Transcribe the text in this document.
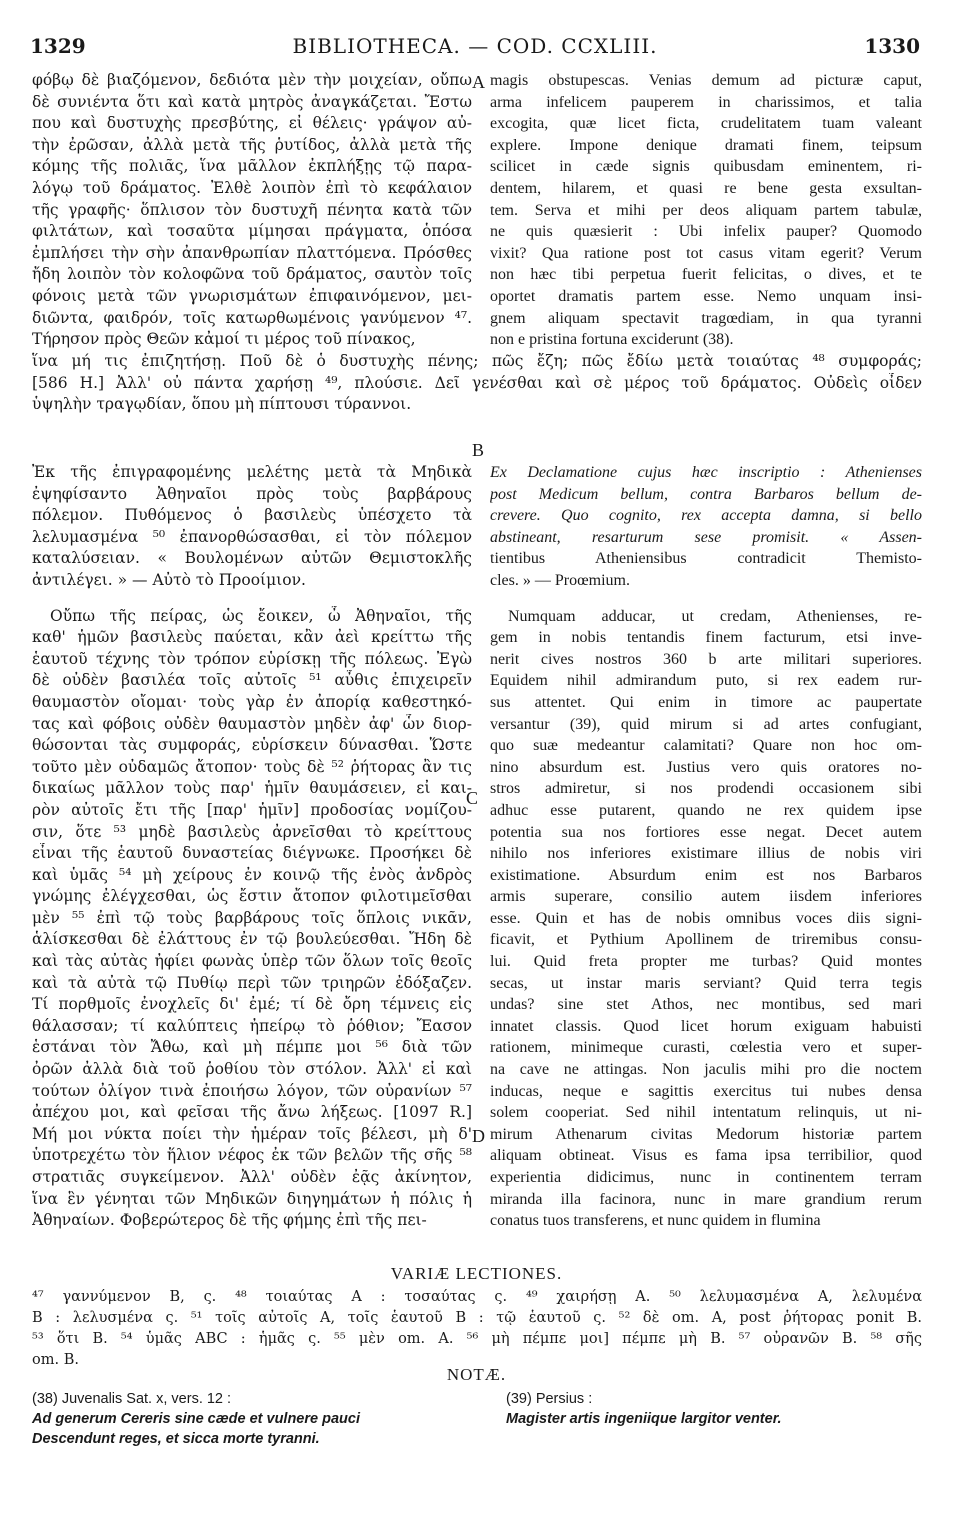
1329	BIBLIOTHECA. — COD. CCXLIII.	1330
φόβῳ δὲ βιαζόμενον, δεδιότα μὲν τὴν μοιχείαν, οὔπω
δὲ συνιέντα ὅτι καὶ κατὰ μητρὸς ἀναγκάζεται. Ἔστω
που καὶ δυστυχὴς πρεσβύτης, εἰ θέλεις· γράψον αὐ-
τὴν ἐρῶσαν, ἀλλὰ μετὰ τῆς ῥυτίδος, ἀλλὰ μετὰ τῆς
κόμης τῆς πολιᾶς, ἵνα μᾶλλον ἐκπλήξῃς τῷ παρα-
λόγῳ τοῦ δράματος. Ἐλθὲ λοιπὸν ἐπὶ τὸ κεφάλαιον
τῆς γραφῆς· ὅπλισον τὸν δυστυχῆ πένητα κατὰ τῶν
φιλτάτων, καὶ τοσαῦτα μίμησαι πράγματα, ὁπόσα
ἐμπλήσει τὴν σὴν ἀπανθρωπίαν πλαττόμενα. Πρόσθες
ἤδη λοιπὸν τὸν κολοφῶνα τοῦ δράματος, σαυτὸν τοῖς
φόνοις μετὰ τῶν γνωρισμάτων ἐπιφαινόμενον, μει-
διῶντα, φαιδρόν, τοῖς κατωρθωμένοις γανύμενον ⁴⁷.
Τήρησον πρὸς Θεῶν κἀμοί τι μέρος τοῦ πίνακος,
magis obstupescas. Venias demum ad picturæ caput,
arma infelicem pauperem in charissimos, et talia
excogita, quæ licet ficta, crudelitatem tuam valeant
explere. Impone denique dramati finem, teipsum
scilicet in cæde signis quibusdam eminentem, ri-
dentem, hilarem, et quasi re bene gesta exsultan-
tem. Serva et mihi per deos aliquam partem tabulæ,
ne quis quæsierit : Ubi infelix pauper? Quomodo
vixit? Qua ratione post tot casus vitam egerit? Verum
non hæc tibi perpetua fuerit felicitas, o dives, et te
oportet dramatis partem esse. Nemo unquam insi-
gnem aliquam spectavit tragœdiam, in qua tyranni
non e pristina fortuna exciderunt (38).
A
ἵνα μή τις ἐπιζητήσῃ. Ποῦ δὲ ὁ δυστυχὴς πένης; πῶς ἔζη; πῶς ἔδίω μετὰ τοιαύτας ⁴⁸ συμφοράς;
[586 H.] Ἀλλ' οὐ πάντα χαρήσῃ ⁴⁹, πλούσιε. Δεῖ γενέσθαι καὶ σὲ μέρος τοῦ δράματος. Οὐδεὶς οἶδεν
ὑψηλὴν τραγῳδίαν, ὅπου μὴ πίπτουσι τύραννοι.
B
Ἐκ τῆς ἐπιγραφομένης μελέτης μετὰ τὰ Μηδικὰ
ἐψηφίσαντο Ἀθηναῖοι πρὸς τοὺς βαρβάρους
πόλεμον. Πυθόμενος ὁ βασιλεὺς ὑπέσχετο τὰ
λελυμασμένα ⁵⁰ ἐπανορθώσασθαι, εἰ τὸν πόλεμον
καταλύσειαν. « Βουλομένων αὐτῶν Θεμιστοκλῆς
ἀντιλέγει. » — Αὐτὸ τὸ Προοίμιον.
Οὔπω τῆς πείρας, ὡς ἔοικεν, ὦ Ἀθηναῖοι, τῆς
καθ' ἡμῶν βασιλεὺς παύεται, κἂν ἀεὶ κρείττω τῆς
ἑαυτοῦ τέχνης τὸν τρόπον εὑρίσκῃ τῆς πόλεως. Ἐγὼ
δὲ οὐδὲν βασιλέα τοῖς αὐτοῖς ⁵¹ αὖθις ἐπιχειρεῖν
θαυμαστὸν οἴομαι· τοὺς γὰρ ἐν ἀπορίᾳ καθεστηκό-
τας καὶ φόβοις οὐδὲν θαυμαστὸν μηδὲν ἀφ' ὧν διορ-
θώσονται τὰς συμφοράς, εὑρίσκειν δύνασθαι. Ὥστε
τοῦτο μὲν οὐδαμῶς ἄτοπον· τοὺς δὲ ⁵² ῥήτορας ἂν τις
δικαίως μᾶλλον τοὺς παρ' ἡμῖν θαυμάσειεν, εἰ και-
ρὸν αὐτοῖς ἔτι τῆς [παρ' ἡμῖν] προδοσίας νομίζου-
σιν, ὅτε ⁵³ μηδὲ βασιλεὺς ἀρνεῖσθαι τὸ κρείττους
εἶναι τῆς ἑαυτοῦ δυναστείας διέγνωκε. Προσήκει δὲ
καὶ ὑμᾶς ⁵⁴ μὴ χείρους ἐν κοινῷ τῆς ἐνὸς ἀνδρὸς
γνώμης ἐλέγχεσθαι, ὡς ἔστιν ἄτοπον φιλοτιμεῖσθαι
μὲν ⁵⁵ ἐπὶ τῷ τοὺς βαρβάρους τοῖς ὅπλοις νικᾶν,
ἁλίσκεσθαι δὲ ἐλάττους ἐν τῷ βουλεύεσθαι. Ἤδη δὲ
καὶ τὰς αὐτὰς ἠφίει φωνὰς ὑπὲρ τῶν ὅλων τοῖς θεοῖς
καὶ τὰ αὐτὰ τῷ Πυθίῳ περὶ τῶν τριηρῶν ἐδόξαζεν.
Τί πορθμοῖς ἐνοχλεῖς δι' ἐμέ; τί δὲ ὄρη τέμνεις εἰς
θάλασσαν; τί καλύπτεις ἠπείρῳ τὸ ῥόθιον; Ἔασον
ἑστάναι τὸν Ἄθω, καὶ μὴ πέμπε μοι ⁵⁶ διὰ τῶν
ὀρῶν ἀλλὰ διὰ τοῦ ῥοθίου τὸν στόλον. Ἀλλ' εἰ καὶ
τούτων ὀλίγον τινὰ ἐποιήσω λόγον, τῶν οὐρανίων ⁵⁷
ἀπέχου μοι, καὶ φεῖσαι τῆς ἄνω λήξεως. [1097 R.]
Μή μοι νύκτα ποίει τὴν ἡμέραν τοῖς βέλεσι, μὴ δ'
ὑποτρεχέτω τὸν ἥλιον νέφος ἐκ τῶν βελῶν τῆς σῆς ⁵⁸
στρατιᾶς συγκείμενον. Ἀλλ' οὐδὲν ἐᾷς ἀκίνητον,
ἵνα ἓν γένηται τῶν Μηδικῶν διηγημάτων ἡ πόλις ἡ
Ἀθηναίων. Φοβερώτερος δὲ τῆς φήμης ἐπὶ τῆς πει-
Ex Declamatione cujus hæc inscriptio : Athenienses
post Medicum bellum, contra Barbaros bellum de-
crevere. Quo cognito, rex accepta damna, si bello
abstineant, resarturum sese promisit. « Assen-
tientibus Atheniensibus contradicit Themisto-
cles. » — Proœmium.
Numquam adducar, ut credam, Athenienses, re-
gem in nobis tentandis finem facturum, etsi inve-
nerit cives nostros 360 b arte militari superiores.
Equidem nihil admirandum puto, si rex eadem rur-
sus attentet. Qui enim in timore ac paupertate
versantur (39), quid mirum si ad artes confugiant,
quo suæ medeantur calamitati? Quare non hoc om-
nino absurdum est. Justius vero quis oratores no-
stros admiretur, si nos prodendi occasionem sibi
adhuc esse putarent, quando ne rex quidem ipse
potentia sua nos fortiores esse negat. Decet autem
nihilo nos inferiores existimare illius de nobis viri
existimatione. Absurdum enim est nos Barbaros
armis superare, consilio autem iisdem inferiores
esse. Quin et has de nobis omnibus voces diis signi-
ficavit, et Pythium Apollinem de triremibus consu-
lui. Quid freta propter me turbas? Quid montes
secas, ut instar maris serviant? Quid terra tegis
undas? sine stet Athos, nec montibus, sed mari
innatet classis. Quod licet horum exiguam habuisti
rationem, minimeque curasti, cœlestia vero et super-
na cave ne attingas. Non jaculis mihi pro die noctem
inducas, neque e sagittis exercitus tui nubes densa
solem cooperiat. Sed nihil intentatum relinquis, ut ni-
mirum Athenarum civitas Medorum historiæ partem
aliquam obtineat. Visus es fama ipsa terribilior, quod
experientia didicimus, nunc in continentem terram
miranda illa facinora, nunc in mare grandium rerum
conatus tuos transferens, et nunc quidem in flumina
C
D
VARIÆ LECTIONES.
⁴⁷ γαννύμενον B, ς. ⁴⁸ τοιαύτας A : τοσαύτας ς. ⁴⁹ χαιρήσῃ A. ⁵⁰ λελυμασμένα A, λελυμένα
B : λελυσμένα ς. ⁵¹ τοῖς αὐτοῖς A, τοῖς ἑαυτοῦ B : τῷ ἑαυτοῦ ς. ⁵² δὲ om. A, post ῥήτορας ponit B.
⁵³ ὅτι B. ⁵⁴ ὑμᾶς ABC : ἡμᾶς ς. ⁵⁵ μὲν om. A. ⁵⁶ μὴ πέμπε μοι] πέμπε μὴ B. ⁵⁷ οὐρανῶν B. ⁵⁸ σῆς
om. B.
NOTÆ.
(38) Juvenalis Sat. x, vers. 12 :
Ad generum Cereris sine cæde et vulnere pauci
Descendunt reges, et sicca morte tyranni.
(39) Persius :
Magister artis ingeniique largitor venter.
